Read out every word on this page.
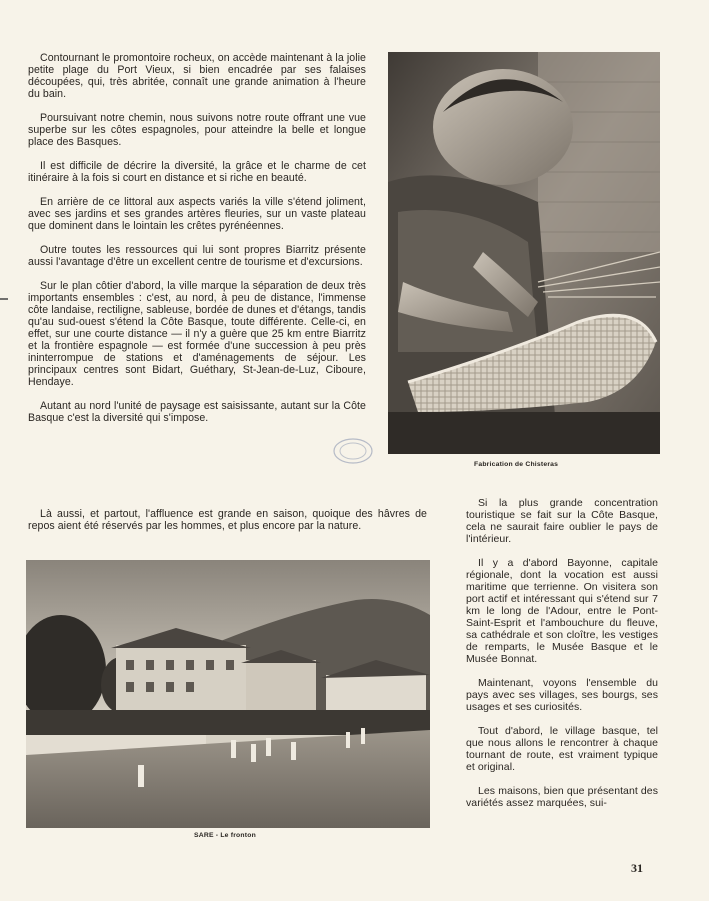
Contournant le promontoire rocheux, on accède maintenant à la jolie petite plage du Port Vieux, si bien encadrée par ses falaises découpées, qui, très abritée, connaît une grande animation à l'heure du bain.

Poursuivant notre chemin, nous suivons notre route offrant une vue superbe sur les côtes espagnoles, pour atteindre la belle et longue place des Basques.

Il est difficile de décrire la diversité, la grâce et le charme de cet itinéraire à la fois si court en distance et si riche en beauté.

En arrière de ce littoral aux aspects variés la ville s'étend joliment, avec ses jardins et ses grandes artères fleuries, sur un vaste plateau que dominent dans le lointain les crêtes pyrénéennes.

Outre toutes les ressources qui lui sont propres Biarritz présente aussi l'avantage d'être un excellent centre de tourisme et d'excursions.

Sur le plan côtier d'abord, la ville marque la séparation de deux très importants ensembles : c'est, au nord, à peu de distance, l'immense côte landaise, rectiligne, sableuse, bordée de dunes et d'étangs, tandis qu'au sud-ouest s'étend la Côte Basque, toute différente. Celle-ci, en effet, sur une courte distance — il n'y a guère que 25 km entre Biarritz et la frontière espagnole — est formée d'une succession à peu près ininterrompue de stations et d'aménagements de séjour. Les principaux centres sont Bidart, Guéthary, St-Jean-de-Luz, Ciboure, Hendaye.

Autant au nord l'unité de paysage est saisissante, autant sur la Côte Basque c'est la diversité qui s'impose.

Là aussi, et partout, l'affluence est grande en saison, quoique des hâvres de repos aient été réservés par les hommes, et plus encore par la nature.

Fabrication de Chisteras
SARE - Le fronton

Si la plus grande concentration touristique se fait sur la Côte Basque, cela ne saurait faire oublier le pays de l'intérieur.

Il y a d'abord Bayonne, capitale régionale, dont la vocation est aussi maritime que terrienne. On visitera son port actif et intéressant qui s'étend sur 7 km le long de l'Adour, entre le Pont-Saint-Esprit et l'ambouchure du fleuve, sa cathédrale et son cloître, les vestiges de remparts, le Musée Basque et le Musée Bonnat.

Maintenant, voyons l'ensemble du pays avec ses villages, ses bourgs, ses usages et ses curiosités.

Tout d'abord, le village basque, tel que nous allons le rencontrer à chaque tournant de route, est vraiment typique et original.

Les maisons, bien que présentant des variétés assez marquées, sui-

31
